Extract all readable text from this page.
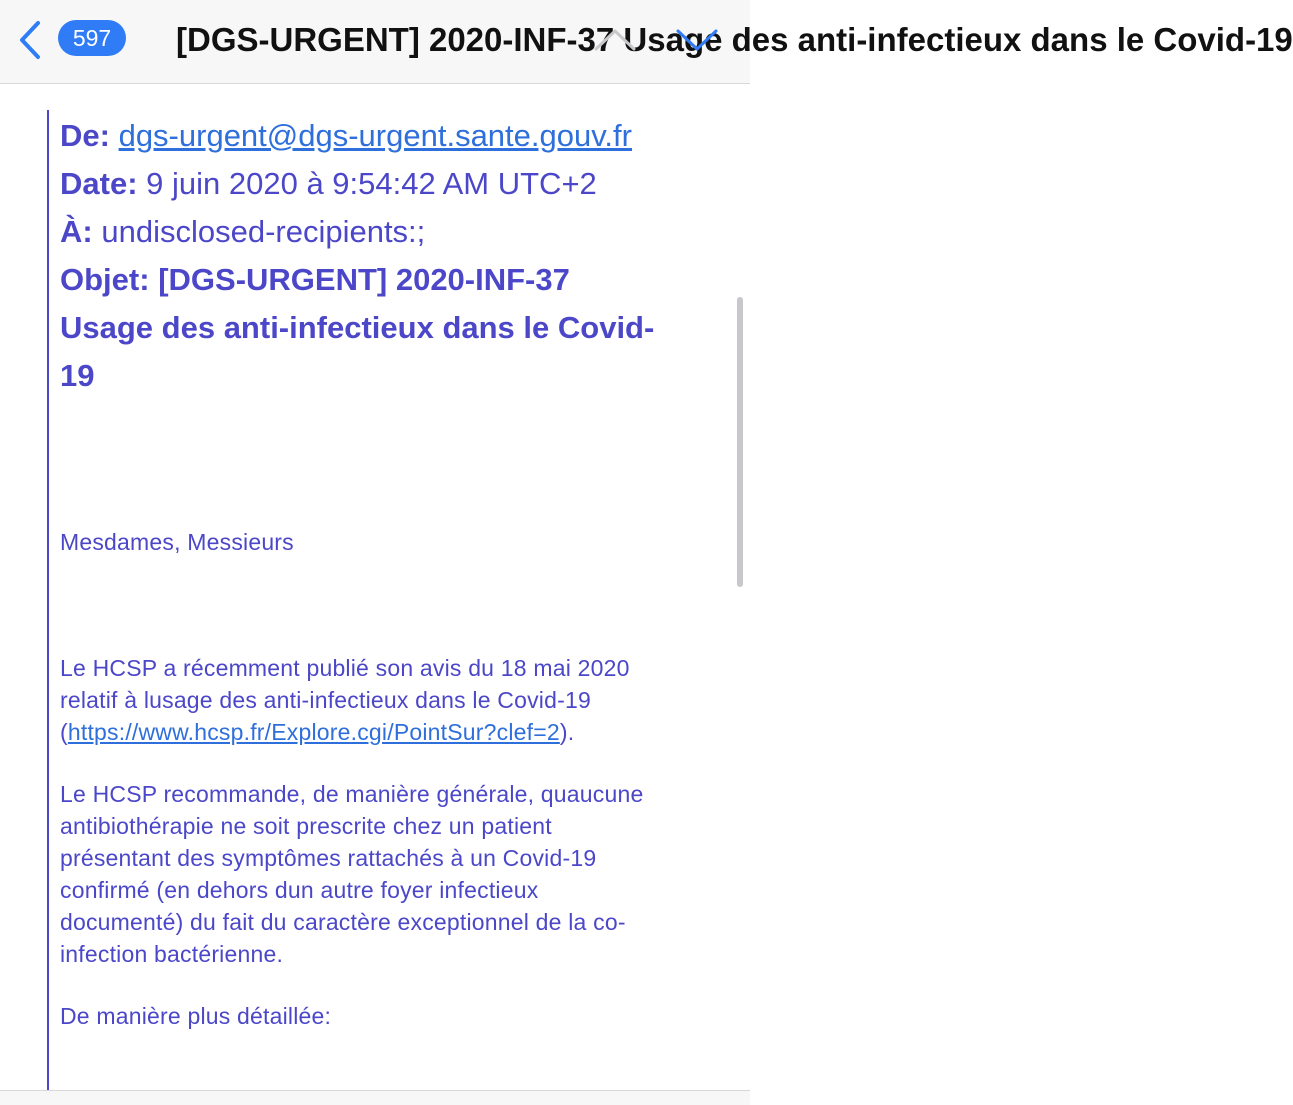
597	[DGS-URGENT] 2020-INF-37 Usage des anti-infectieux dans le Covid-19
De: dgs-urgent@dgs-urgent.sante.gouv.fr
Date: 9 juin 2020 à 9:54:42 AM UTC+2
À: undisclosed-recipients:;
Objet: [DGS-URGENT] 2020-INF-37 Usage des anti-infectieux dans le Covid-19

Mesdames, Messieurs

Le HCSP a récemment publié son avis du 18 mai 2020 relatif à lusage des anti-infectieux dans le Covid-19 (https://www.hcsp.fr/Explore.cgi/PointSur?clef=2).

Le HCSP recommande, de manière générale, quaucune antibiothérapie ne soit prescrite chez un patient présentant des symptômes rattachés à un Covid-19 confirmé (en dehors dun autre foyer infectieux documenté) du fait du caractère exceptionnel de la co-infection bactérienne.

De manière plus détaillée:
